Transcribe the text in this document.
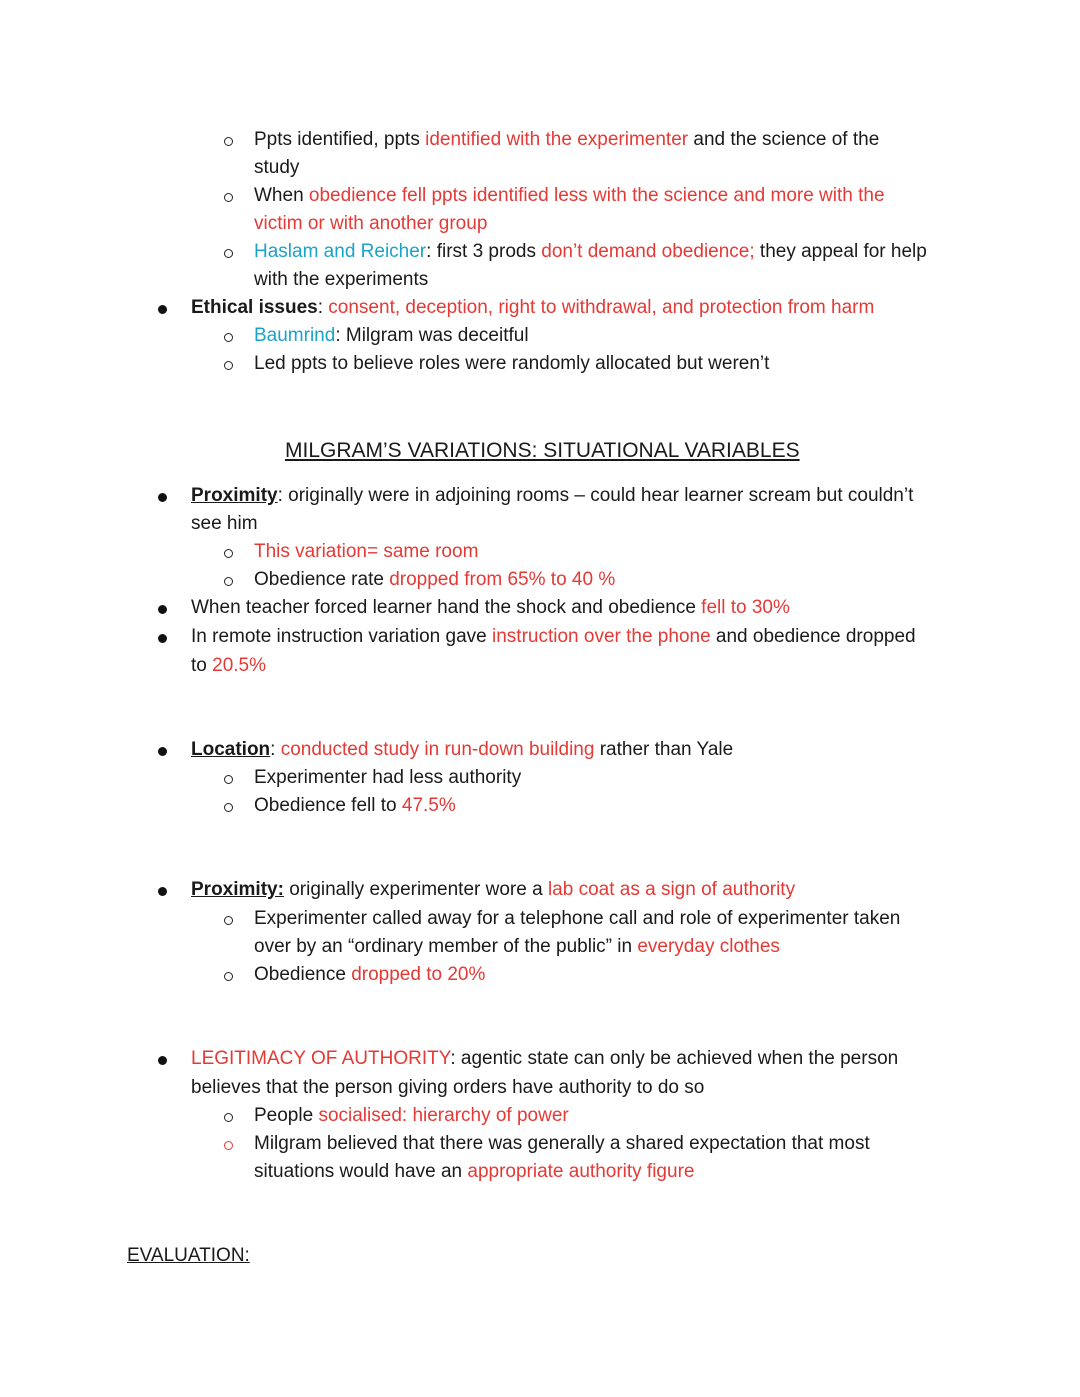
Ppts identified, ppts identified with the experimenter and the science of the
study
When obedience fell ppts identified less with the science and more with the
victim or with another group
Haslam and Reicher: first 3 prods don’t demand obedience; they appeal for help
with the experiments
Ethical issues: consent, deception, right to withdrawal, and protection from harm
Baumrind: Milgram was deceitful
Led ppts to believe roles were randomly allocated but weren’t
MILGRAM’S VARIATIONS: SITUATIONAL VARIABLES
Proximity: originally were in adjoining rooms – could hear learner scream but couldn’t
see him
This variation= same room
Obedience rate dropped from 65% to 40 %
When teacher forced learner hand the shock and obedience fell to 30%
In remote instruction variation gave instruction over the phone and obedience dropped
to 20.5%
Location: conducted study in run-down building rather than Yale
Experimenter had less authority
Obedience fell to 47.5%
Proximity: originally experimenter wore a lab coat as a sign of authority
Experimenter called away for a telephone call and role of experimenter taken
over by an “ordinary member of the public” in everyday clothes
Obedience dropped to 20%
LEGITIMACY OF AUTHORITY: agentic state can only be achieved when the person
believes that the person giving orders have authority to do so
People socialised: hierarchy of power
Milgram believed that there was generally a shared expectation that most
situations would have an appropriate authority figure
EVALUATION:
